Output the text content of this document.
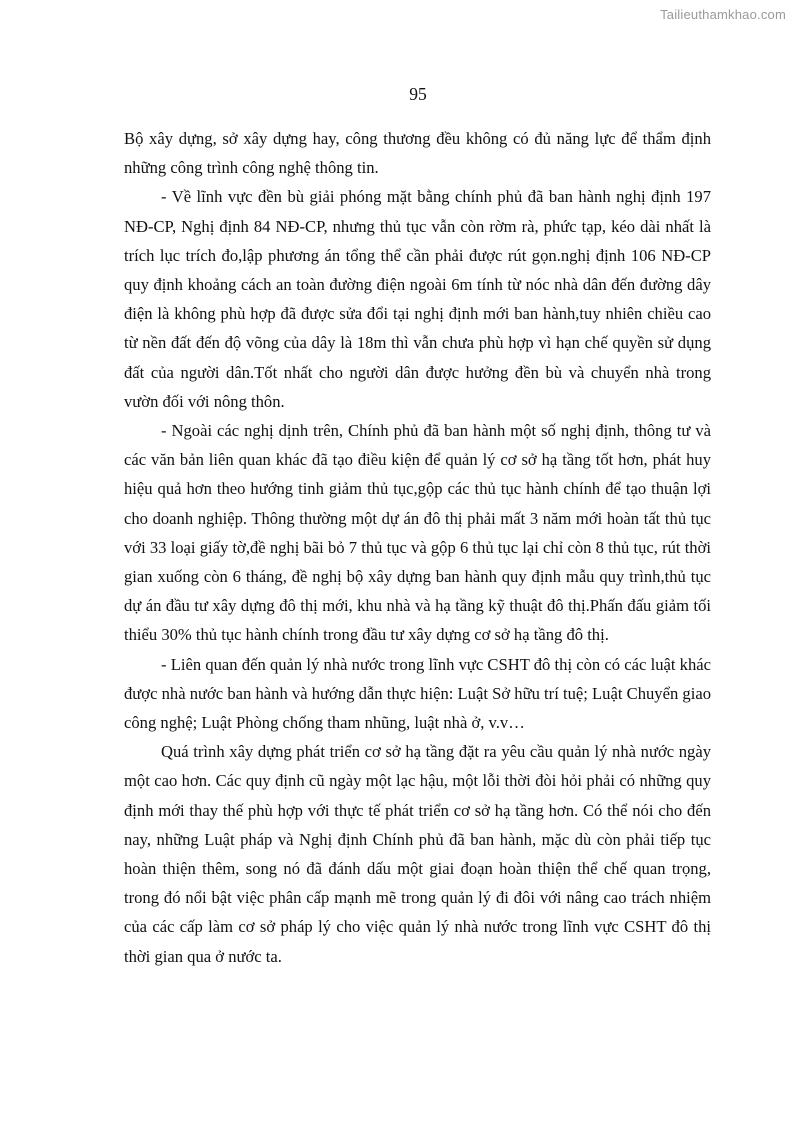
Tailieuthamkhao.com
95

Bộ xây dựng, sở xây dựng hay, công thương đều không có đủ năng lực để thẩm định những công trình công nghệ thông tin.

- Về lĩnh vực đền bù giải phóng mặt bằng chính phủ đã ban hành nghị định 197 NĐ-CP, Nghị định 84 NĐ-CP, nhưng thủ tục vẫn còn rờm rà, phức tạp, kéo dài nhất là trích lục trích đo,lập phương án tổng thể cần phải được rút gọn.nghị định 106 NĐ-CP quy định khoảng cách an toàn đường điện ngoài 6m tính từ nóc nhà dân đến đường dây điện là không phù hợp đã được sửa đổi tại nghị định mới ban hành,tuy nhiên chiều cao từ nền đất đến độ võng của dây là 18m thì vẫn chưa phù hợp vì hạn chế quyền sử dụng đất của người dân.Tốt nhất cho người dân được hưởng đền bù và chuyển nhà trong vườn đối với nông thôn.

- Ngoài các nghị dịnh trên, Chính phủ đã ban hành một số nghị định, thông tư và các văn bản liên quan khác đã tạo điều kiện để quản lý cơ sở hạ tầng tốt hơn, phát huy hiệu quả hơn theo hướng tinh giảm thủ tục,gộp các thủ tục hành chính để tạo thuận lợi cho doanh nghiệp. Thông thường một dự án đô thị phải mất 3 năm mới hoàn tất thủ tục với 33 loại giấy tờ,đề nghị bãi bỏ 7 thủ tục và gộp 6 thủ tục lại chỉ còn 8 thủ tục, rút thời gian xuống còn 6 tháng, đề nghị bộ xây dựng ban hành quy định mẫu quy trình,thủ tục dự án đầu tư xây dựng đô thị mới, khu nhà và hạ tầng kỹ thuật đô thị.Phấn đấu giảm tối thiểu 30% thủ tục hành chính trong đầu tư xây dựng cơ sở hạ tầng đô thị.

- Liên quan đến quản lý nhà nước trong lĩnh vực CSHT đô thị còn có các luật khác được nhà nước ban hành và hướng dẫn thực hiện: Luật Sở hữu trí tuệ; Luật Chuyển giao công nghệ; Luật Phòng chống tham nhũng, luật nhà ở, v.v…

Quá trình xây dựng phát triển cơ sở hạ tầng đặt ra yêu cầu quản lý nhà nước ngày một cao hơn. Các quy định cũ ngày một lạc hậu, một lỗi thời đòi hỏi phải có những quy định mới thay thế phù hợp với thực tế phát triển cơ sở hạ tầng hơn. Có thể nói cho đến nay, những Luật pháp và Nghị định Chính phủ đã ban hành, mặc dù còn phải tiếp tục hoàn thiện thêm, song nó đã đánh dấu một giai đoạn hoàn thiện thể chế quan trọng, trong đó nổi bật việc phân cấp mạnh mẽ trong quản lý đi đôi với nâng cao trách nhiệm của các cấp làm cơ sở pháp lý cho việc quản lý nhà nước trong lĩnh vực CSHT đô thị thời gian qua ở nước ta.
